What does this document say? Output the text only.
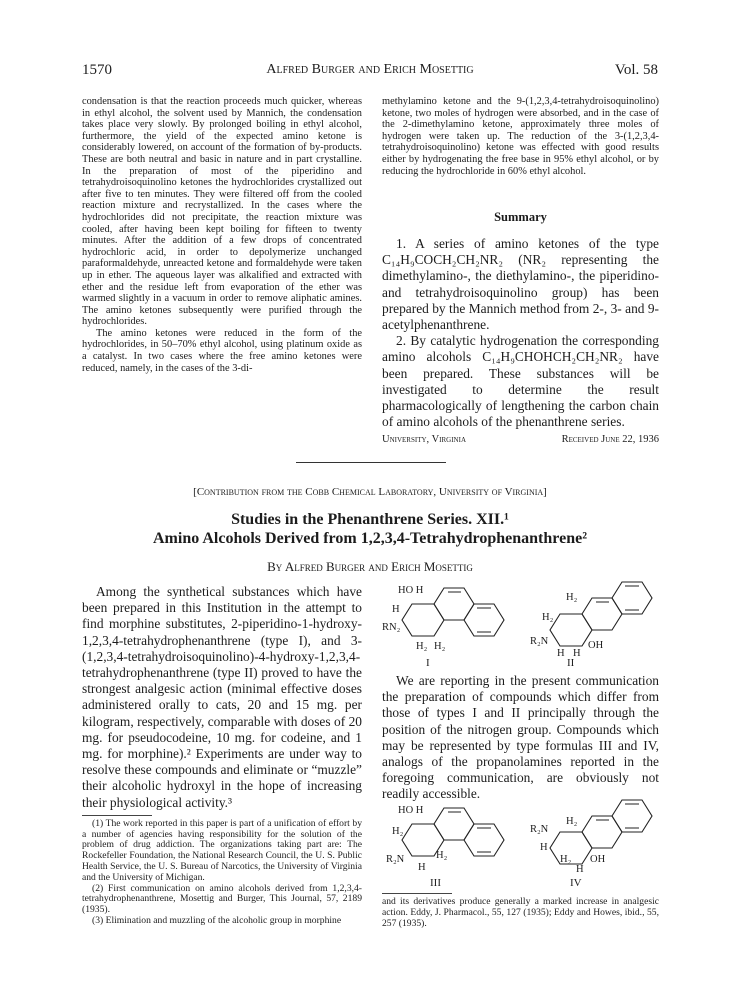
1570	Alfred Burger and Erich Mosettig	Vol. 58

condensation is that the reaction proceeds much quicker, whereas in ethyl alcohol, the solvent used by Mannich, the condensation takes place very slowly. By prolonged boiling in ethyl alcohol, furthermore, the yield of the expected amino ketone is considerably lowered, on account of the formation of by-products. These are both neutral and basic in nature and in part crystalline. In the preparation of most of the piperidino and tetrahydroisoquinolino ketones the hydrochlorides crystallized out after five to ten minutes. They were filtered off from the cooled reaction mixture and recrystallized. In the cases where the hydrochlorides did not precipitate, the reaction mixture was cooled, after having been kept boiling for fifteen to twenty minutes. After the addition of a few drops of concentrated hydrochloric acid, in order to depolymerize unchanged paraformaldehyde, unreacted ketone and formaldehyde were taken up in ether. The aqueous layer was alkalified and extracted with ether and the residue left from evaporation of the ether was warmed slightly in a vacuum in order to remove aliphatic amines. The amino ketones subsequently were purified through the hydrochlorides.

The amino ketones were reduced in the form of the hydrochlorides, in 50–70% ethyl alcohol, using platinum oxide as a catalyst. In two cases where the free amino ketones were reduced, namely, in the cases of the 3-di-

methylamino ketone and the 9-(1,2,3,4-tetrahydroisoquinolino) ketone, two moles of hydrogen were absorbed, and in the case of the 2-dimethylamino ketone, approximately three moles of hydrogen were taken up. The reduction of the 3-(1,2,3,4-tetrahydroisoquinolino) ketone was effected with good results either by hydrogenating the free base in 95% ethyl alcohol, or by reducing the hydrochloride in 60% ethyl alcohol.

Summary

1. A series of amino ketones of the type C₁₄H₉COCH₂CH₂NR₂ (NR₂ representing the dimethylamino-, the diethylamino-, the piperidino- and tetrahydroisoquinolino group) has been prepared by the Mannich method from 2-, 3- and 9-acetylphenanthrene.

2. By catalytic hydrogenation the corresponding amino alcohols C₁₄H₉CHOHCH₂CH₂NR₂ have been prepared. These substances will be investigated to determine the result pharmacologically of lengthening the carbon chain of amino alcohols of the phenanthrene series.

University, Virginia	Received June 22, 1936
[Contribution from the Cobb Chemical Laboratory, University of Virginia]
Studies in the Phenanthrene Series. XII.¹
Amino Alcohols Derived from 1,2,3,4-Tetrahydrophenanthrene²
By Alfred Burger and Erich Mosettig

Among the synthetical substances which have been prepared in this Institution in the attempt to find morphine substitutes, 2-piperidino-1-hydroxy-1,2,3,4-tetrahydrophenanthrene (type I), and 3-(1,2,3,4-tetrahydroisoquinolino)-4-hydroxy-1,2,3,4-tetrahydrophenanthrene (type II) proved to have the strongest analgesic action (minimal effective doses administered orally to cats, 20 and 15 mg. per kilogram, respectively, comparable with doses of 20 mg. for pseudocodeine, 10 mg. for codeine, and 1 mg. for morphine).² Experiments are under way to resolve these compounds and eliminate or “muzzle” their alcoholic hydroxyl in the hope of increasing their physiological activity.³

(1) The work reported in this paper is part of a unification of effort by a number of agencies having responsibility for the solution of the problem of drug addiction. The organizations taking part are: The Rockefeller Foundation, the National Research Council, the U. S. Public Health Service, the U. S. Bureau of Narcotics, the University of Virginia and the University of Michigan.

(2) First communication on amino alcohols derived from 1,2,3,4-tetrahydrophenanthrene, Mosettig and Burger, This Journal, 57, 2189 (1935).

(3) Elimination and muzzling of the alcoholic group in morphine

HO H
H
RN₂
H₂ H₂
I
H₂
H₂
R₂N
H H
OH
II

We are reporting in the present communication the preparation of compounds which differ from those of types I and II principally through the position of the nitrogen group. Compounds which may be represented by type formulas III and IV, analogs of the propanolamines reported in the foregoing communication, are obviously not readily accessible.

HO H
H₂
R₂N
H
H₂
III
R₂N
H₂
H
H₂
H
OH
IV

and its derivatives produce generally a marked increase in analgesic action. Eddy, J. Pharmacol., 55, 127 (1935); Eddy and Howes, ibid., 55, 257 (1935).
